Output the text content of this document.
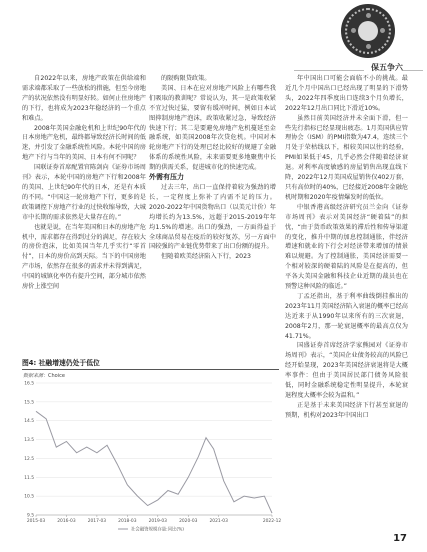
保五争六

自2022年以来，房地产政策在供给端和需求端都采取了一些放松的措施，但至今房地产的状况依然没有明显好转。如何止住房地产的下行，也将成为2023年稳经济的一个重点和难点。

2008年美国金融危机和上世纪90年代的日本房地产危机，最终都导致经济长时间的低迷，并引发了金融系统性风险。本轮中国的房地产下行与当年的美国、日本有何不同呢？

国联证券首席配置官陈剑向《证券市场周刊》表示，本轮中国的房地产下行和2008年的美国、上世纪90年代的日本，还是有本质的不同。“中国这一轮房地产下行，更多的是政策调控下房地产行业的过快收缩导致，大城市中长期的需求依然是大量存在的。”

也就是说，在当年美国和日本的房地产危机中，需求都存在得到过分的满足，存在较大的房价泡沫，比如美国当年几乎实行“零首付”，日本的房价高到天际。当下的中国房地产市场，依然存在很多的需求并未得到满足，中国的城镇化率仍有提升空间，部分城市依然房价上涨空间

的限购限贷政策。

美国、日本在应对房地产风险上有哪些我们吸取的教训呢？常说认为，其一是政策收紧不宜过快过猛，要留有缓冲时间，例如日本试图抑制房地产泡沫，政策收紧过急，导致经济快速下行；其二是要避免房地产危机蔓延至金融系统，如美国2008年次贷危机。中国对本轮房地产下行的处理已经比较好的规避了金融体系的系统性风险，未来需要更多地聚焦中长期的供需关系，促进城市化的快速完成。

外需有压力

过去三年，出口一直保持着较为强劲的增长，一定程度上弥补了内需不足的压力。2020-2022年中国货物出口（以美元计价）年均增长约为13.5%，远超于2015-2019年年均1.5%的增速。出口的强劲，一方面得益于全球商品贸易在疫后的较好复苏，另一方面中国较强的产业链优势带来了出口份额的提升。

但随着欧美经济陷入下行，2023

年中国出口可能会面临不小的挑战。最近几个月中国出口已经出现了明显的下滑势头，2022年四季度出口连续3个月负增长，2022年12月出口同比下滑近10%。

虽然目前美国经济并未全面下滑，但一些先行指标已经显现出疲态。1月美国供应管理协会（ISM）的PMI指数为47.4，连续三个月处于荣枯线以下，相较美国以往的经验，PMI如果低于45，几乎必然会伴随着经济衰退。对利率高度敏感的房屋销售出现直线下降，2022年12月美国成屋销售仅402万套，只有高位时的40%，已经接近2008年金融危机时期和2020年疫情爆发时的低位。

中银香港高级经济研究员兰金向《证券市场周刊》表示对美国经济“硬着陆”的担忧，“由于货币政策效果的滞后性和传导渠道的变化，推升中期的加息控制通胀，伴经济增速和就业的下行会对经济带来增加的情景难以规避。为了控制通胀，美国经济需要一个相对较深的硬着陆的风险是在提高的，但平各大美国金融和科技企业近期的裁员也在预警这种风险的临近。”

丁孟还指出，基于利率曲线倒挂推出的2023年11月美国经济陷入衰退的概率已经高达近来于从1990年以来所有的三次衰退，2008年2月，那一轮衰退概率的最高点仅为41.71%。

国盛证券首席经济学家熊园对《证券市场周刊》表示，“美国企业债务较高的风险已经开始显现，2023年美国经济衰退将是大概率事件：但由于美国居民部门债务风险很低，同时金融系统稳定性明显提升，本轮衰退程度大概率会较为温和。”

正是基于未来美国经济下行甚至衰退的预期，机构对2023年中国出口

图4: 社融增速仍处于低位
数据来源：Choice
9.5
10.5
11.5
12.5
13.5
14.5
15.5
16.5
2015-03	2016-03	2017-03	2018-03	2019-03	2020-03	2021-03	2022-12
社会融资规模存量:同比(%)
17
